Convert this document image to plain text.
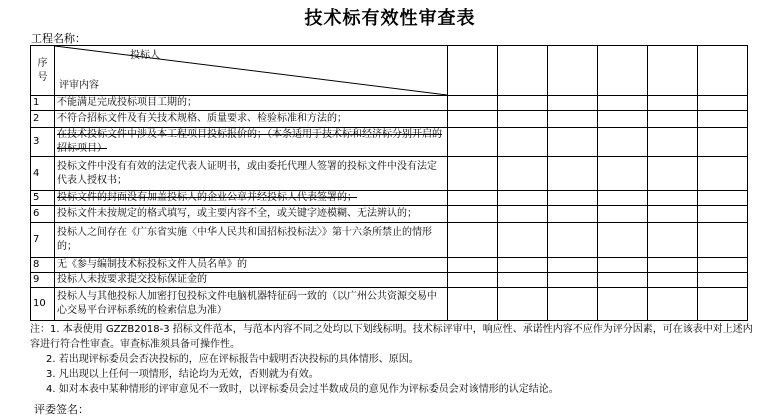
技术标有效性审查表
工程名称：
序号	投标人
评审内容						

1	不能满足完成投标项目工期的；						
2	不符合招标文件及有关技术规格、质量要求、检验标准和方法的；						
3	在技术投标文件中涉及本工程项目投标报价的；（本条适用于技术标和经济标分别开启的招标项目）						
4	投标文件中没有有效的法定代表人证明书，或由委托代理人签署的投标文件中没有法定代表人授权书；						
5	投标文件的封面没有加盖投标人的企业公章并经投标人代表签署的；						
6	投标文件未按规定的格式填写，或主要内容不全，或关键字迹模糊、无法辨认的；						
7	投标人之间存在《广东省实施〈中华人民共和国招标投标法〉》第十六条所禁止的情形的；						
8	无《参与编制技术标投标文件人员名单》的						
9	投标人未按要求提交投标保证金的						
10	投标人与其他投标人加密打包投标文件电脑机器特征码一致的（以广州公共资源交易中心交易平台评标系统的检索信息为准）						

注：1. 本表使用 GZZB2018-3 招标文件范本，与范本内容不同之处均以下划线标明。技术标评审中，响应性、承诺性内容不应作为评分因素，可在该表中对上述内容进行符合性审查。审查标准须具备可操作性。

2. 若出现评标委员会否决投标的，应在评标报告中载明否决投标的具体情形、原因。

3. 凡出现以上任何一项情形，结论均为无效，否则就为有效。

4. 如对本表中某种情形的评审意见不一致时，以评标委员会过半数成员的意见作为评标委员会对该情形的认定结论。

评委签名：
